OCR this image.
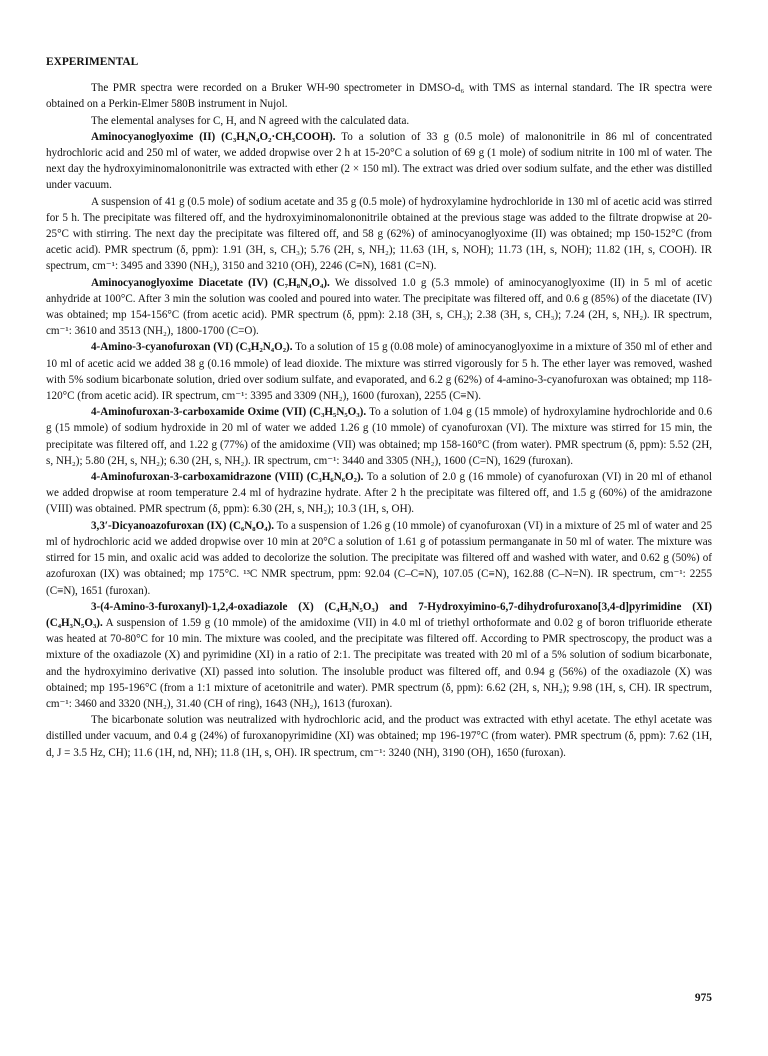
EXPERIMENTAL

The PMR spectra were recorded on a Bruker WH-90 spectrometer in DMSO-d₆ with TMS as internal standard. The IR spectra were obtained on a Perkin-Elmer 580B instrument in Nujol.

The elemental analyses for C, H, and N agreed with the calculated data.

Aminocyanoglyoxime (II) (C₃H₄N₄O₂·CH₃COOH). To a solution of 33 g (0.5 mole) of malononitrile in 86 ml of concentrated hydrochloric acid and 250 ml of water, we added dropwise over 2 h at 15-20°C a solution of 69 g (1 mole) of sodium nitrite in 100 ml of water. The next day the hydroxyiminomalononitrile was extracted with ether (2 × 150 ml). The extract was dried over sodium sulfate, and the ether was distilled under vacuum.

A suspension of 41 g (0.5 mole) of sodium acetate and 35 g (0.5 mole) of hydroxylamine hydrochloride in 130 ml of acetic acid was stirred for 5 h. The precipitate was filtered off, and the hydroxyiminomalononitrile obtained at the previous stage was added to the filtrate dropwise at 20-25°C with stirring. The next day the precipitate was filtered off, and 58 g (62%) of aminocyanoglyoxime (II) was obtained; mp 150-152°C (from acetic acid). PMR spectrum (δ, ppm): 1.91 (3H, s, CH₃); 5.76 (2H, s, NH₂); 11.63 (1H, s, NOH); 11.73 (1H, s, NOH); 11.82 (1H, s, COOH). IR spectrum, cm⁻¹: 3495 and 3390 (NH₂), 3150 and 3210 (OH), 2246 (C≡N), 1681 (C=N).

Aminocyanoglyoxime Diacetate (IV) (C₇H₈N₄O₄). We dissolved 1.0 g (5.3 mmole) of aminocyanoglyoxime (II) in 5 ml of acetic anhydride at 100°C. After 3 min the solution was cooled and poured into water. The precipitate was filtered off, and 0.6 g (85%) of the diacetate (IV) was obtained; mp 154-156°C (from acetic acid). PMR spectrum (δ, ppm): 2.18 (3H, s, CH₃); 2.38 (3H, s, CH₃); 7.24 (2H, s, NH₂). IR spectrum, cm⁻¹: 3610 and 3513 (NH₂), 1800-1700 (C=O).

4-Amino-3-cyanofuroxan (VI) (C₃H₂N₄O₂). To a solution of 15 g (0.08 mole) of aminocyanoglyoxime in a mixture of 350 ml of ether and 10 ml of acetic acid we added 38 g (0.16 mmole) of lead dioxide. The mixture was stirred vigorously for 5 h. The ether layer was removed, washed with 5% sodium bicarbonate solution, dried over sodium sulfate, and evaporated, and 6.2 g (62%) of 4-amino-3-cyanofuroxan was obtained; mp 118-120°C (from acetic acid). IR spectrum, cm⁻¹: 3395 and 3309 (NH₂), 1600 (furoxan), 2255 (C≡N).

4-Aminofuroxan-3-carboxamide Oxime (VII) (C₃H₅N₅O₃). To a solution of 1.04 g (15 mmole) of hydroxylamine hydrochloride and 0.6 g (15 mmole) of sodium hydroxide in 20 ml of water we added 1.26 g (10 mmole) of cyanofuroxan (VI). The mixture was stirred for 15 min, the precipitate was filtered off, and 1.22 g (77%) of the amidoxime (VII) was obtained; mp 158-160°C (from water). PMR spectrum (δ, ppm): 5.52 (2H, s, NH₂); 5.80 (2H, s, NH₂); 6.30 (2H, s, NH₂). IR spectrum, cm⁻¹: 3440 and 3305 (NH₂), 1600 (C=N), 1629 (furoxan).

4-Aminofuroxan-3-carboxamidrazone (VIII) (C₃H₆N₆O₂). To a solution of 2.0 g (16 mmole) of cyanofuroxan (VI) in 20 ml of ethanol we added dropwise at room temperature 2.4 ml of hydrazine hydrate. After 2 h the precipitate was filtered off, and 1.5 g (60%) of the amidrazone (VIII) was obtained. PMR spectrum (δ, ppm): 6.30 (2H, s, NH₂); 10.3 (1H, s, OH).

3,3′-Dicyanoazofuroxan (IX) (C₆N₈O₄). To a suspension of 1.26 g (10 mmole) of cyanofuroxan (VI) in a mixture of 25 ml of water and 25 ml of hydrochloric acid we added dropwise over 10 min at 20°C a solution of 1.61 g of potassium permanganate in 50 ml of water. The mixture was stirred for 15 min, and oxalic acid was added to decolorize the solution. The precipitate was filtered off and washed with water, and 0.62 g (50%) of azofuroxan (IX) was obtained; mp 175°C. ¹³C NMR spectrum, ppm: 92.04 (C–C≡N), 107.05 (C≡N), 162.88 (C–N=N). IR spectrum, cm⁻¹: 2255 (C≡N), 1651 (furoxan).

3-(4-Amino-3-furoxanyl)-1,2,4-oxadiazole (X) (C₄H₃N₅O₃) and 7-Hydroxyimino-6,7-dihydrofuroxano[3,4-d]pyrimidine (XI) (C₄H₃N₅O₃). A suspension of 1.59 g (10 mmole) of the amidoxime (VII) in 4.0 ml of triethyl orthoformate and 0.02 g of boron trifluoride etherate was heated at 70-80°C for 10 min. The mixture was cooled, and the precipitate was filtered off. According to PMR spectroscopy, the product was a mixture of the oxadiazole (X) and pyrimidine (XI) in a ratio of 2:1. The precipitate was treated with 20 ml of a 5% solution of sodium bicarbonate, and the hydroxyimino derivative (XI) passed into solution. The insoluble product was filtered off, and 0.94 g (56%) of the oxadiazole (X) was obtained; mp 195-196°C (from a 1:1 mixture of acetonitrile and water). PMR spectrum (δ, ppm): 6.62 (2H, s, NH₂); 9.98 (1H, s, CH). IR spectrum, cm⁻¹: 3460 and 3320 (NH₂), 31.40 (CH of ring), 1643 (NH₂), 1613 (furoxan).

The bicarbonate solution was neutralized with hydrochloric acid, and the product was extracted with ethyl acetate. The ethyl acetate was distilled under vacuum, and 0.4 g (24%) of furoxanopyrimidine (XI) was obtained; mp 196-197°C (from water). PMR spectrum (δ, ppm): 7.62 (1H, d, J = 3.5 Hz, CH); 11.6 (1H, nd, NH); 11.8 (1H, s, OH). IR spectrum, cm⁻¹: 3240 (NH), 3190 (OH), 1650 (furoxan).

975
